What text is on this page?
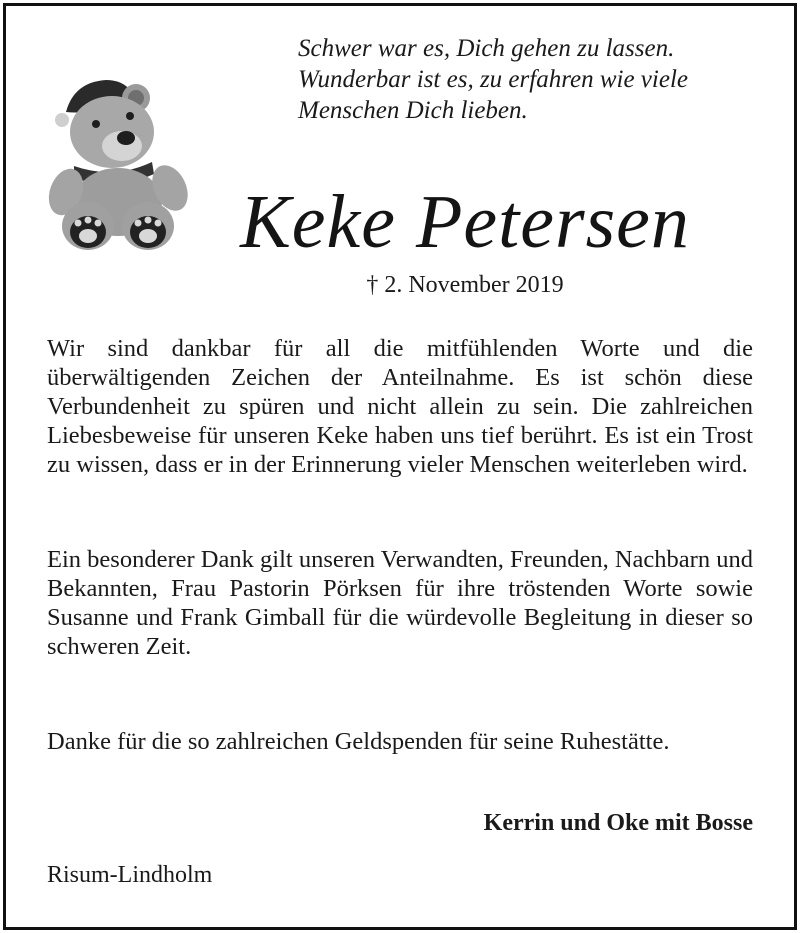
Schwer war es, Dich gehen zu lassen.
Wunderbar ist es, zu erfahren wie viele
Menschen Dich lieben.
Keke Petersen
† 2. November 2019
Wir sind dankbar für all die mitfühlenden Worte und die überwältigenden Zeichen der Anteilnahme. Es ist schön diese Verbundenheit zu spüren und nicht allein zu sein. Die zahlreichen Liebesbeweise für unseren Keke haben uns tief berührt. Es ist ein Trost zu wissen, dass er in der Erinnerung vieler Menschen weiterleben wird.
Ein besonderer Dank gilt unseren Verwandten, Freunden, Nachbarn und Bekannten, Frau Pastorin Pörksen für ihre tröstenden Worte sowie Susanne und Frank Gimball für die würdevolle Begleitung in dieser so schweren Zeit.
Danke für die so zahlreichen Geldspenden für seine Ruhestätte.
Kerrin und Oke mit Bosse
Risum-Lindholm
